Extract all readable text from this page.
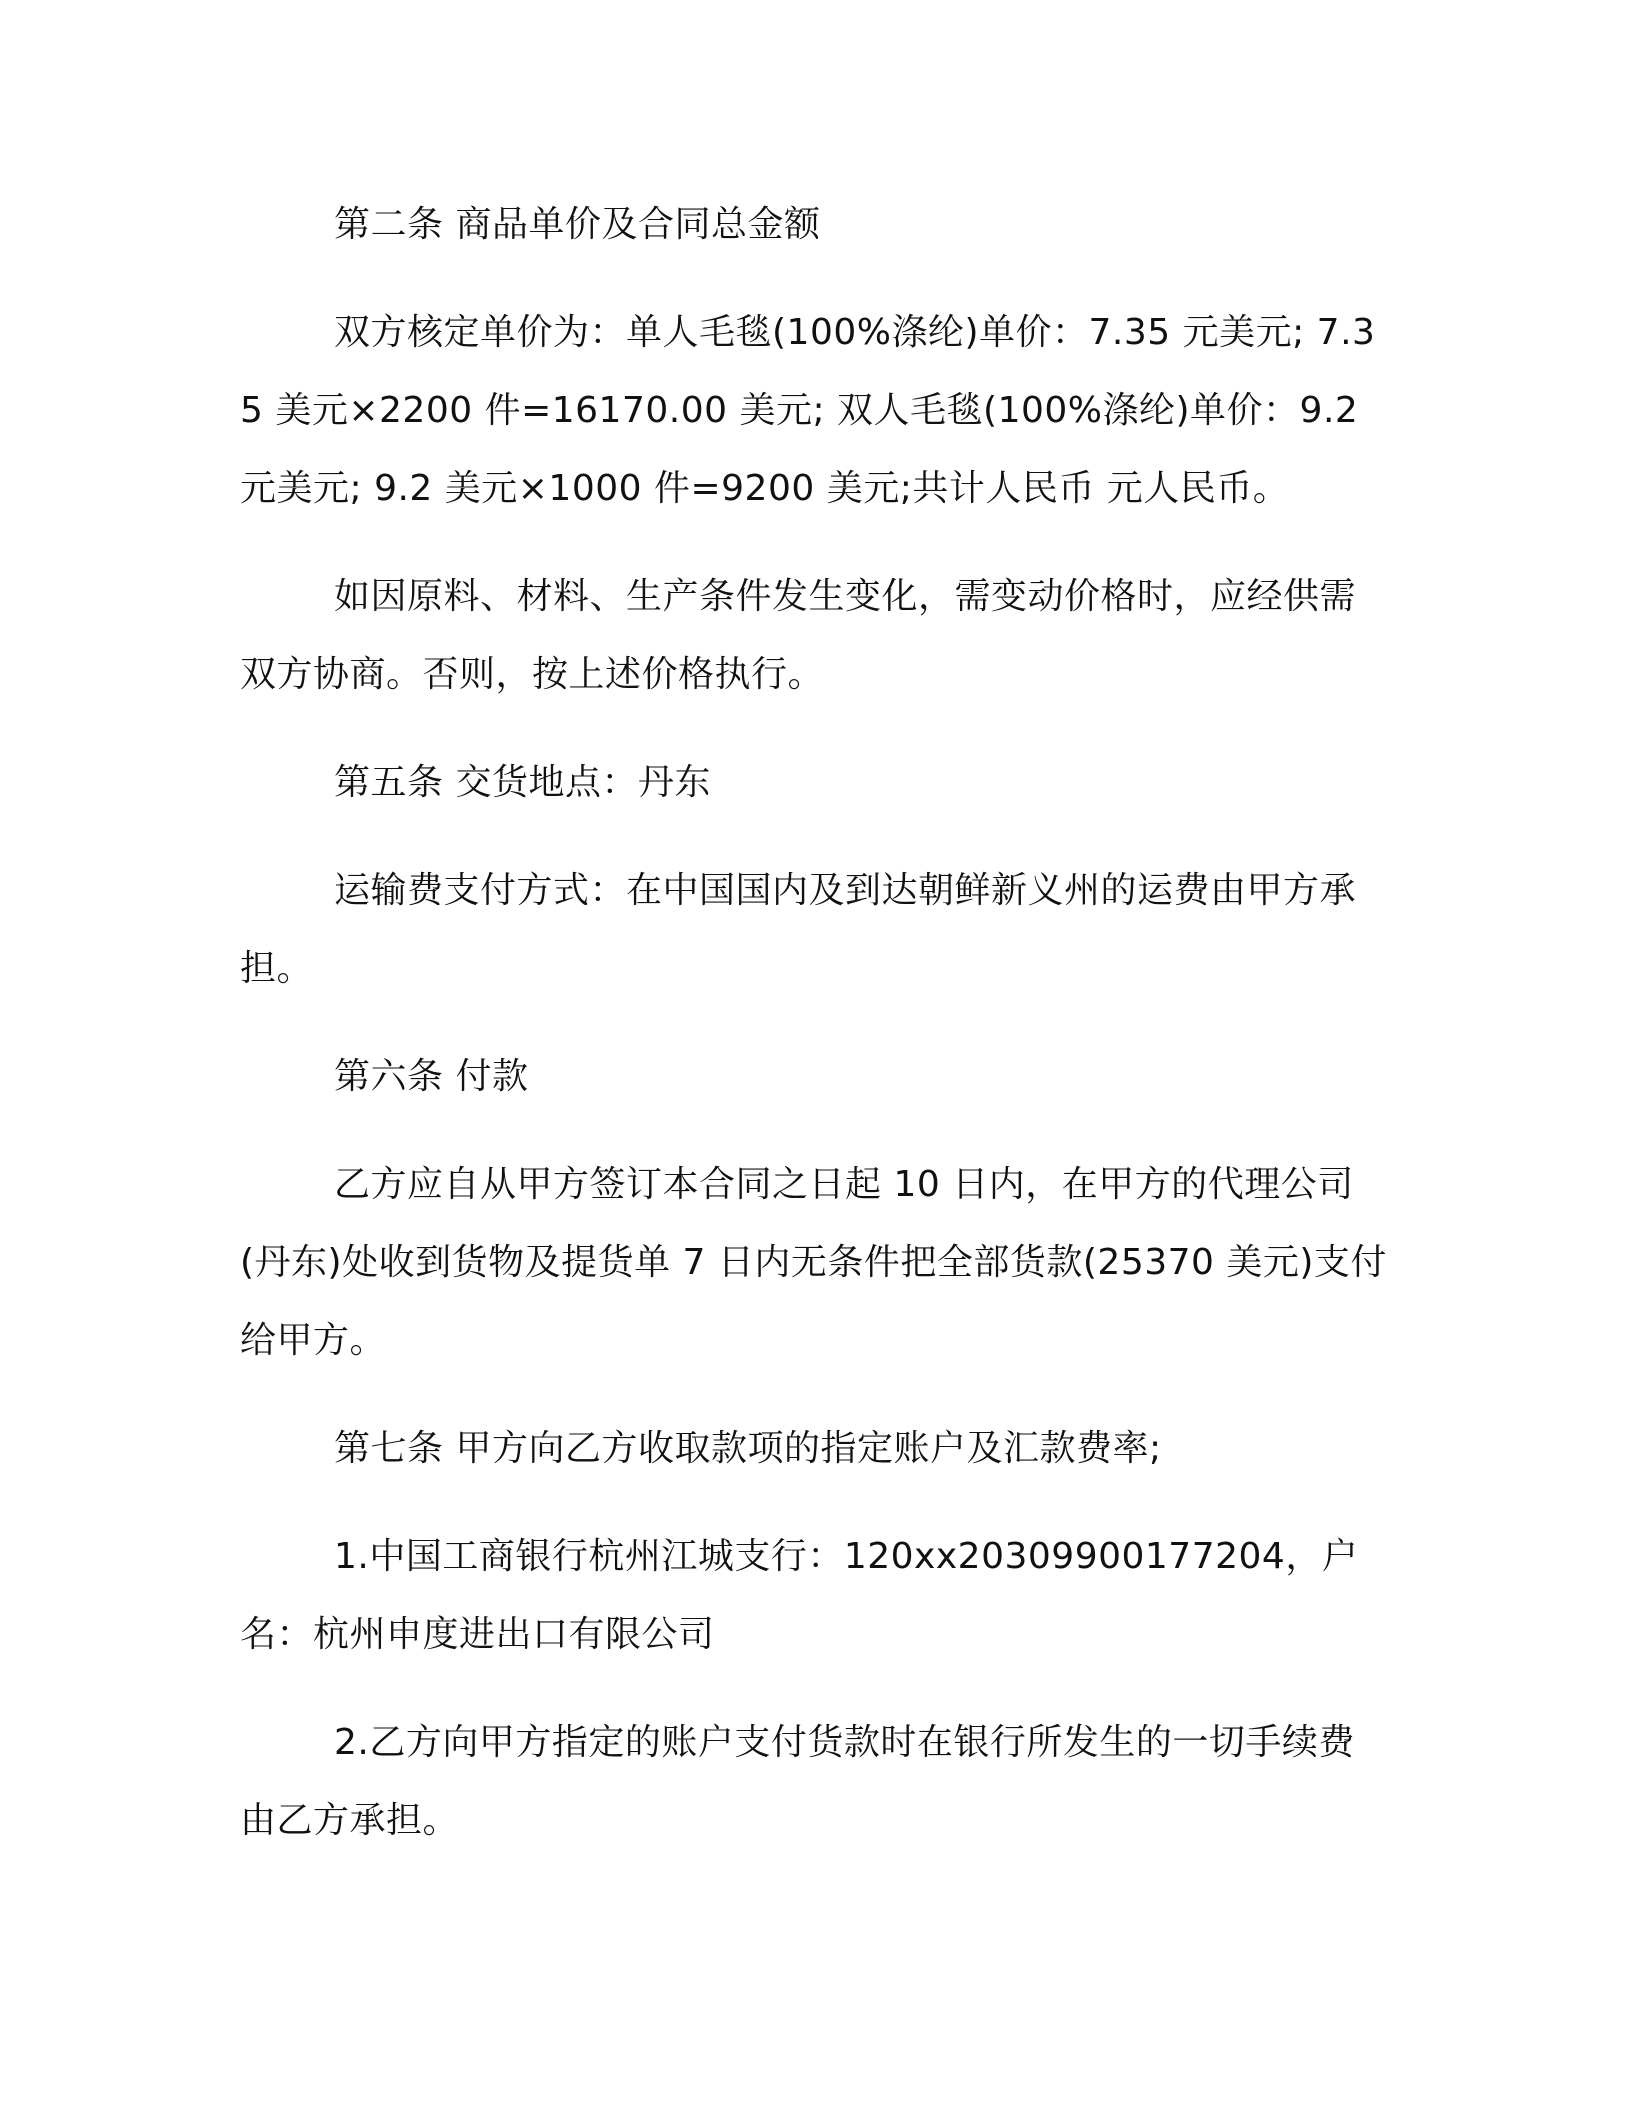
第二条 商品单价及合同总金额

双方核定单价为：单人毛毯(100%涤纶)单价：7.35 元美元; 7.35 美元×2200 件=16170.00 美元; 双人毛毯(100%涤纶)单价：9.2 元美元; 9.2 美元×1000 件=9200 美元;共计人民币 元人民币。

如因原料、材料、生产条件发生变化，需变动价格时，应经供需双方协商。否则，按上述价格执行。

第五条 交货地点：丹东

运输费支付方式：在中国国内及到达朝鲜新义州的运费由甲方承担。

第六条 付款

乙方应自从甲方签订本合同之日起 10 日内，在甲方的代理公司(丹东)处收到货物及提货单 7 日内无条件把全部货款(25370 美元)支付给甲方。

第七条 甲方向乙方收取款项的指定账户及汇款费率;

1.中国工商银行杭州江城支行：120xx20309900177204，户名：杭州申度进出口有限公司

2.乙方向甲方指定的账户支付货款时在银行所发生的一切手续费由乙方承担。
